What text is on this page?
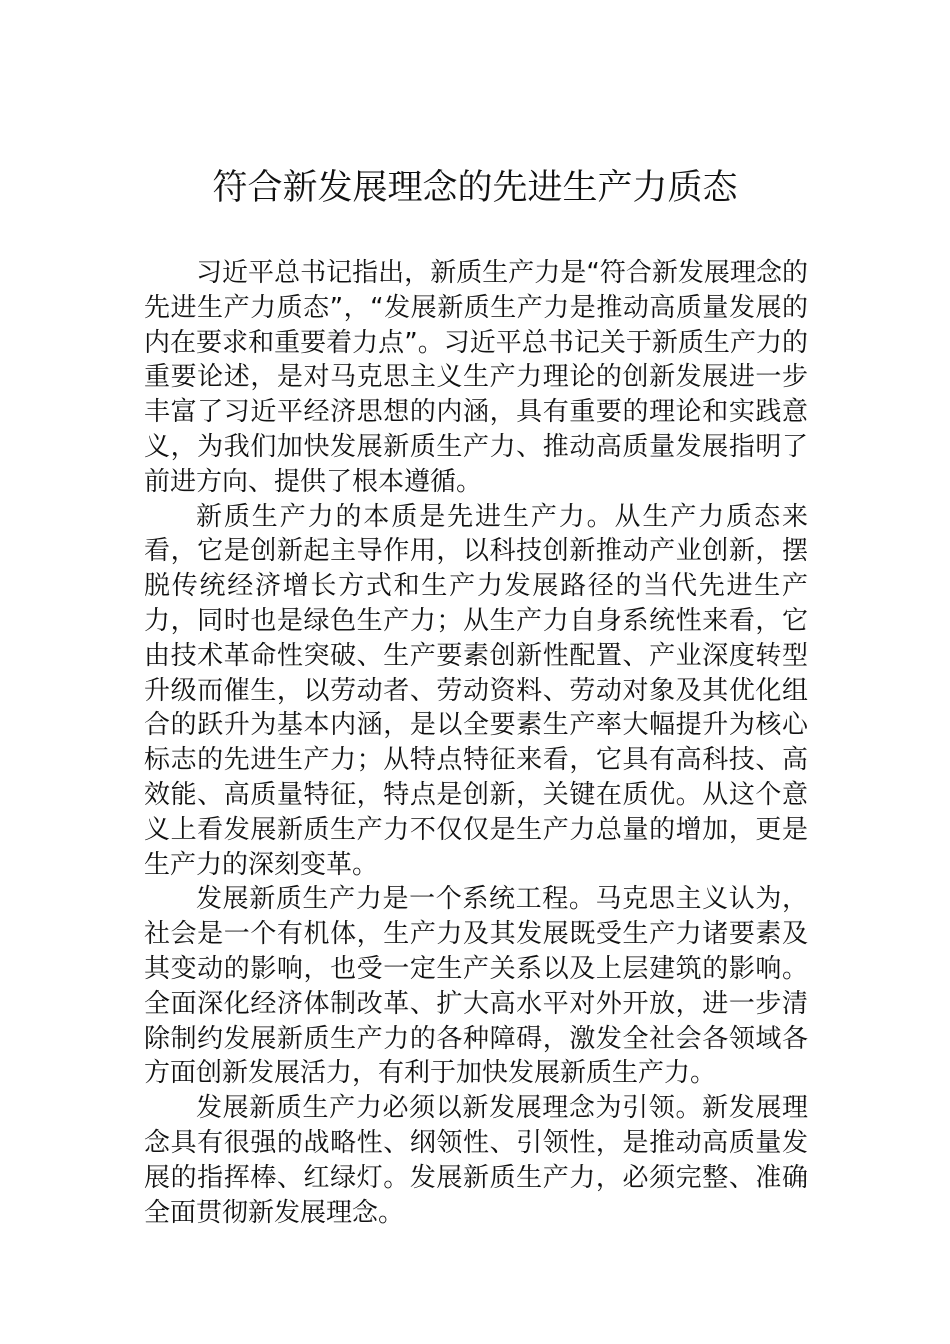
符合新发展理念的先进生产力质态

习近平总书记指出，新质生产力是“符合新发展理念的先进生产力质态”，“发展新质生产力是推动高质量发展的内在要求和重要着力点”。习近平总书记关于新质生产力的重要论述，是对马克思主义生产力理论的创新发展进一步丰富了习近平经济思想的内涵，具有重要的理论和实践意义，为我们加快发展新质生产力、推动高质量发展指明了前进方向、提供了根本遵循。

新质生产力的本质是先进生产力。从生产力质态来看，它是创新起主导作用，以科技创新推动产业创新，摆脱传统经济增长方式和生产力发展路径的当代先进生产力，同时也是绿色生产力；从生产力自身系统性来看，它由技术革命性突破、生产要素创新性配置、产业深度转型升级而催生，以劳动者、劳动资料、劳动对象及其优化组合的跃升为基本内涵，是以全要素生产率大幅提升为核心标志的先进生产力；从特点特征来看，它具有高科技、高效能、高质量特征，特点是创新，关键在质优。从这个意义上看发展新质生产力不仅仅是生产力总量的增加，更是生产力的深刻变革。

发展新质生产力是一个系统工程。马克思主义认为，社会是一个有机体，生产力及其发展既受生产力诸要素及其变动的影响，也受一定生产关系以及上层建筑的影响。全面深化经济体制改革、扩大高水平对外开放，进一步清除制约发展新质生产力的各种障碍，激发全社会各领域各方面创新发展活力，有利于加快发展新质生产力。

发展新质生产力必须以新发展理念为引领。新发展理念具有很强的战略性、纲领性、引领性，是推动高质量发展的指挥棒、红绿灯。发展新质生产力，必须完整、准确全面贯彻新发展理念。
